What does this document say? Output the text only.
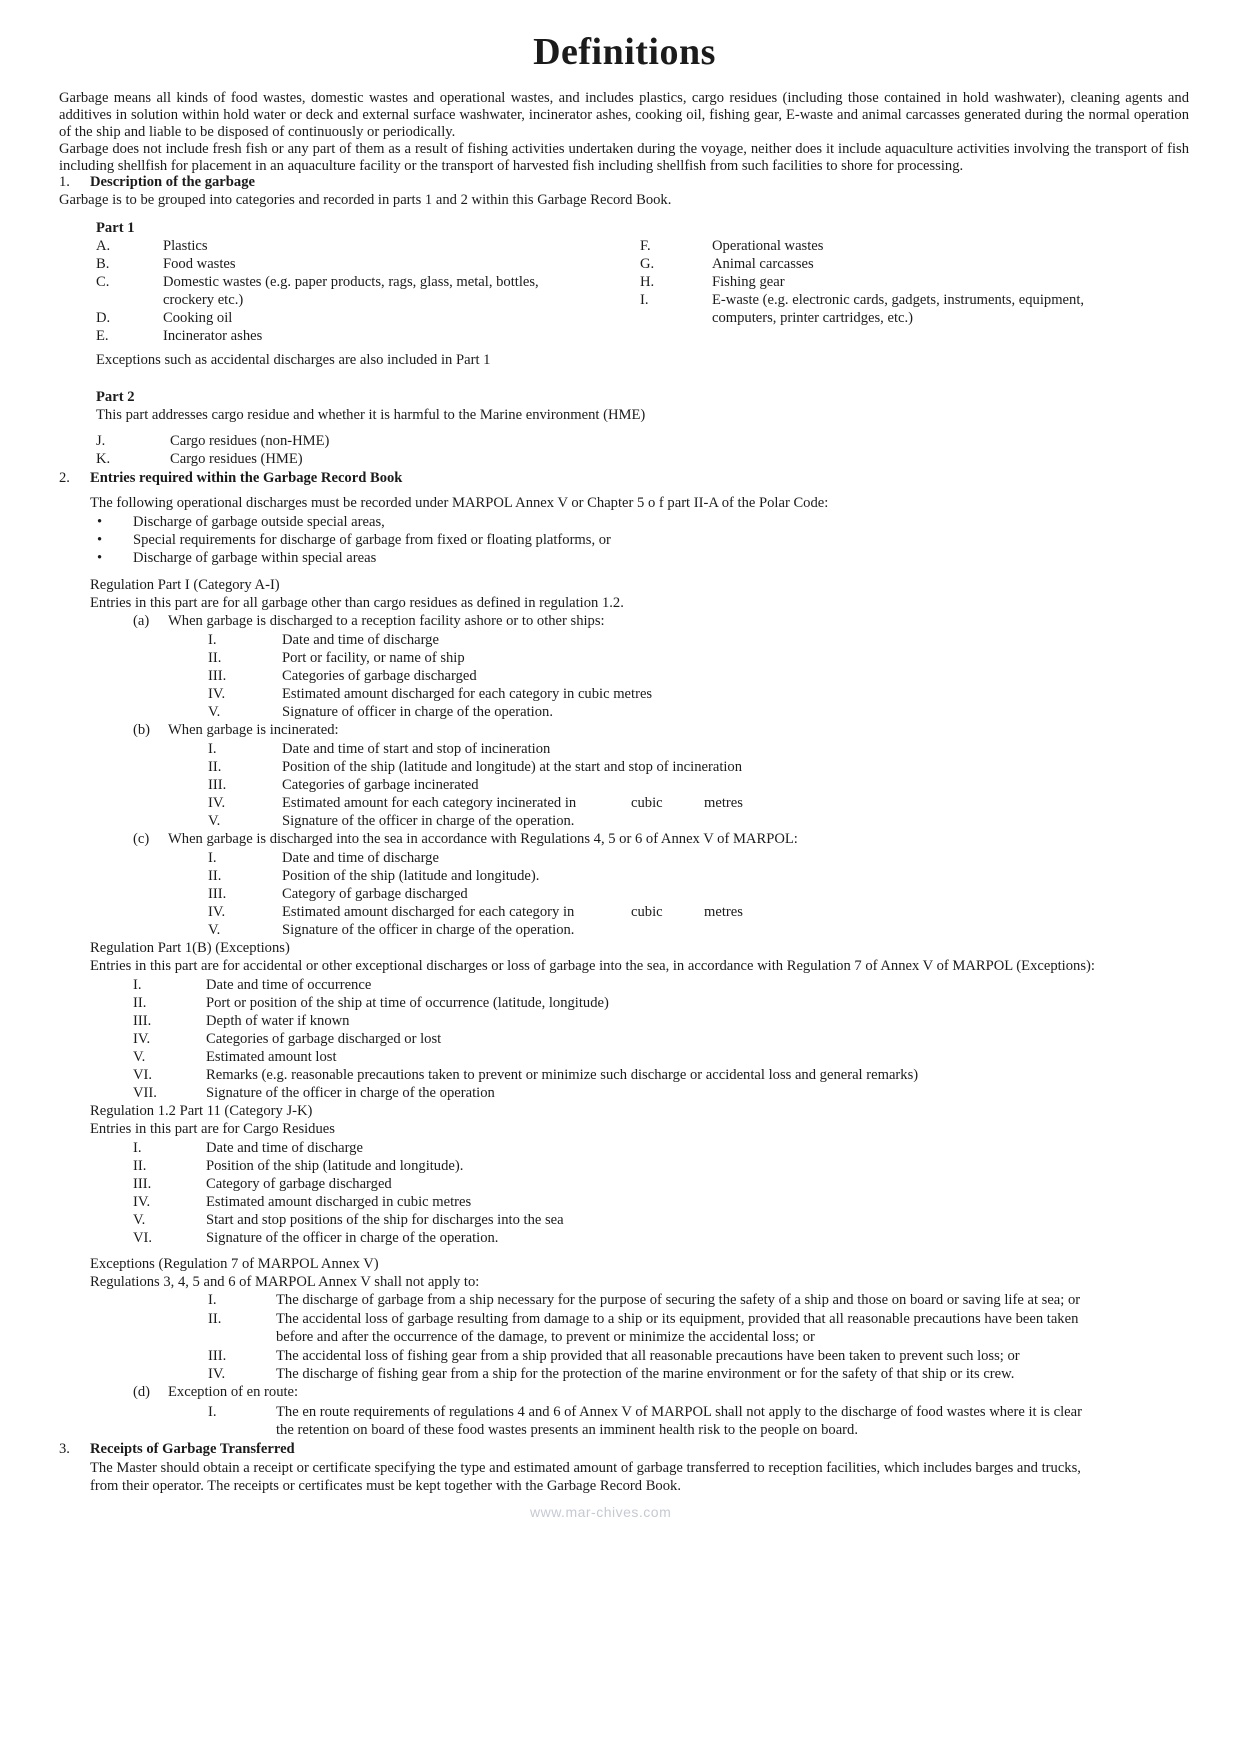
Definitions
Garbage means all kinds of food wastes, domestic wastes and operational wastes, and includes plastics, cargo residues (including those contained in hold washwater), cleaning agents and additives in solution within hold water or deck and external surface washwater, incinerator ashes, cooking oil, fishing gear, E-waste and animal carcasses generated during the normal operation of the ship and liable to be disposed of continuously or periodically.
Garbage does not include fresh fish or any part of them as a result of fishing activities undertaken during the voyage, neither does it include aquaculture activities involving the transport of fish including shellfish for placement in an aquaculture facility or the transport of harvested fish including shellfish from such facilities to shore for processing.
1. Description of the garbage
Garbage is to be grouped into categories and recorded in parts 1 and 2 within this Garbage Record Book.
Part 1
A.	Plastics
B.	Food wastes
C.	Domestic wastes (e.g. paper products, rags, glass, metal, bottles,
crockery etc.)
D.	Cooking oil
E.	Incinerator ashes
F.	Operational wastes
G.	Animal carcasses
H.	Fishing gear
I.	E-waste (e.g. electronic cards, gadgets, instruments, equipment,
computers, printer cartridges, etc.)
Exceptions such as accidental discharges are also included in Part 1
Part 2
This part addresses cargo residue and whether it is harmful to the Marine environment (HME)
J.	Cargo residues (non-HME)
K.	Cargo residues (HME)
2. Entries required within the Garbage Record Book
The following operational discharges must be recorded under MARPOL Annex V or Chapter 5 o f part II-A of the Polar Code:
• Discharge of garbage outside special areas,
• Special requirements for discharge of garbage from fixed or floating platforms, or
• Discharge of garbage within special areas
Regulation Part I (Category A-I)
Entries in this part are for all garbage other than cargo residues as defined in regulation 1.2.
(a) When garbage is discharged to a reception facility ashore or to other ships:
I.	Date and time of discharge
II.	Port or facility, or name of ship
III.	Categories of garbage discharged
IV.	Estimated amount discharged for each category in cubic metres
V.	Signature of officer in charge of the operation.
(b) When garbage is incinerated:
I.	Date and time of start and stop of incineration
II.	Position of the ship (latitude and longitude) at the start and stop of incineration
III.	Categories of garbage incinerated
IV.	Estimated amount for each category incinerated in	cubic	metres
V.	Signature of the officer in charge of the operation.
(c) When garbage is discharged into the sea in accordance with Regulations 4, 5 or 6 of Annex V of MARPOL:
I.	Date and time of discharge
II.	Position of the ship (latitude and longitude).
III.	Category of garbage discharged
IV.	Estimated amount discharged for each category in	cubic	metres
V.	Signature of the officer in charge of the operation.
Regulation Part 1(B) (Exceptions)
Entries in this part are for accidental or other exceptional discharges or loss of garbage into the sea, in accordance with Regulation 7 of Annex V of MARPOL (Exceptions):
I.	Date and time of occurrence
II.	Port or position of the ship at time of occurrence (latitude, longitude)
III.	Depth of water if known
IV.	Categories of garbage discharged or lost
V.	Estimated amount lost
VI.	Remarks (e.g. reasonable precautions taken to prevent or minimize such discharge or accidental loss and general remarks)
VII.	Signature of the officer in charge of the operation
Regulation 1.2 Part 11 (Category J-K)
Entries in this part are for Cargo Residues
I.	Date and time of discharge
II.	Position of the ship (latitude and longitude).
III.	Category of garbage discharged
IV.	Estimated amount discharged in cubic metres
V.	Start and stop positions of the ship for discharges into the sea
VI.	Signature of the officer in charge of the operation.
Exceptions (Regulation 7 of MARPOL Annex V)
Regulations 3, 4, 5 and 6 of MARPOL Annex V shall not apply to:
I.	The discharge of garbage from a ship necessary for the purpose of securing the safety of a ship and those on board or saving life at sea; or
II.	The accidental loss of garbage resulting from damage to a ship or its equipment, provided that all reasonable precautions have been taken
before and after the occurrence of the damage, to prevent or minimize the accidental loss; or
III.	The accidental loss of fishing gear from a ship provided that all reasonable precautions have been taken to prevent such loss; or
IV.	The discharge of fishing gear from a ship for the protection of the marine environment or for the safety of that ship or its crew.
(d) Exception of en route:
I.	The en route requirements of regulations 4 and 6 of Annex V of MARPOL shall not apply to the discharge of food wastes where it is clear
the retention on board of these food wastes presents an imminent health risk to the people on board.
3. Receipts of Garbage Transferred
The Master should obtain a receipt or certificate specifying the type and estimated amount of garbage transferred to reception facilities, which includes barges and trucks,
from their operator. The receipts or certificates must be kept together with the Garbage Record Book.
www.mar-chives.com
